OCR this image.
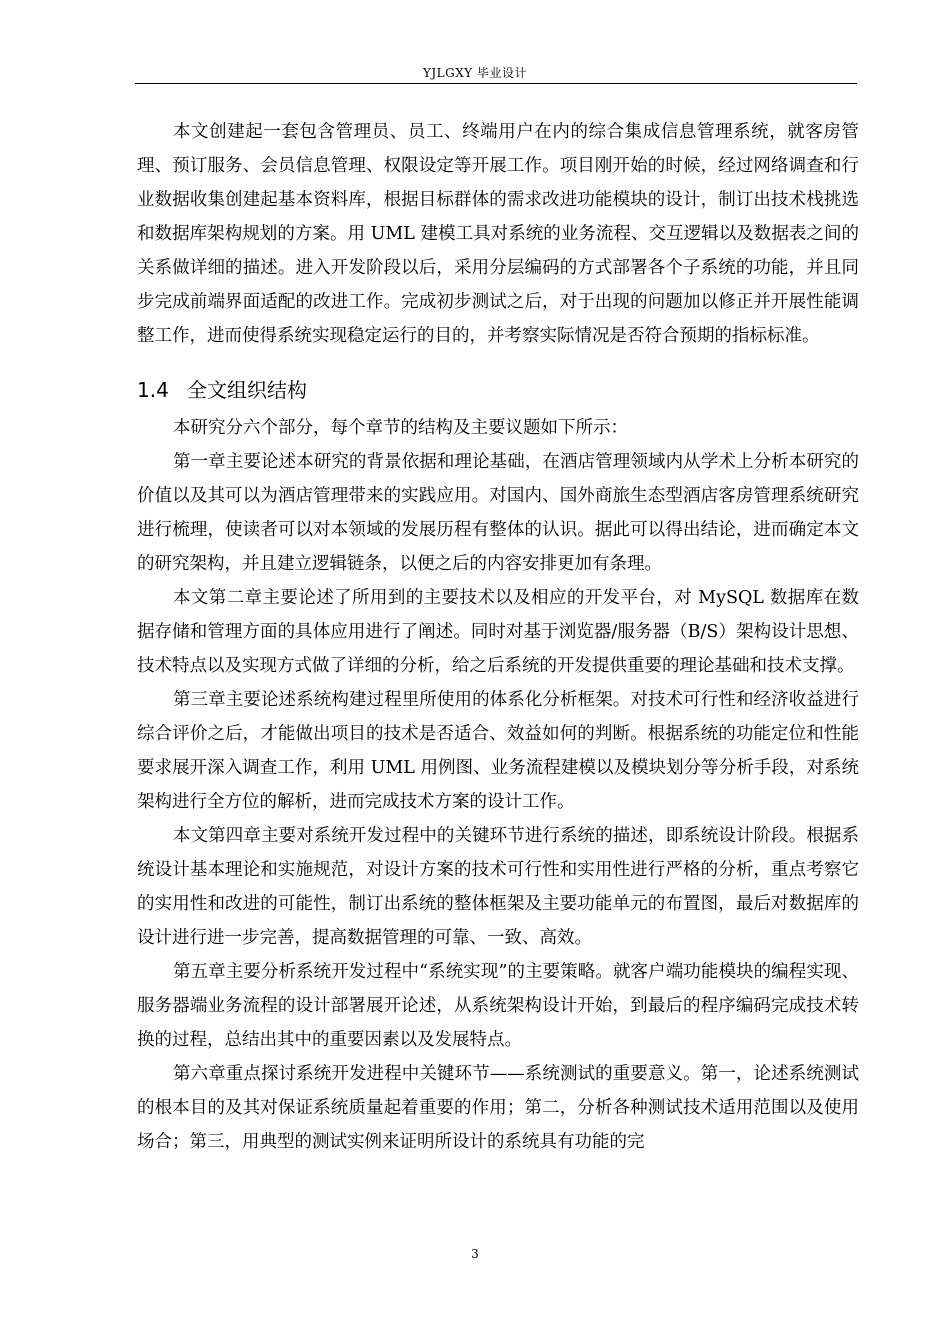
YJLGXY 毕业设计

本文创建起一套包含管理员、员工、终端用户在内的综合集成信息管理系统，就客房管理、预订服务、会员信息管理、权限设定等开展工作。项目刚开始的时候，经过网络调查和行业数据收集创建起基本资料库，根据目标群体的需求改进功能模块的设计，制订出技术栈挑选和数据库架构规划的方案。用 UML 建模工具对系统的业务流程、交互逻辑以及数据表之间的关系做详细的描述。进入开发阶段以后，采用分层编码的方式部署各个子系统的功能，并且同步完成前端界面适配的改进工作。完成初步测试之后，对于出现的问题加以修正并开展性能调整工作，进而使得系统实现稳定运行的目的，并考察实际情况是否符合预期的指标标准。

1.4 全文组织结构

本研究分六个部分，每个章节的结构及主要议题如下所示：

第一章主要论述本研究的背景依据和理论基础，在酒店管理领域内从学术上分析本研究的价值以及其可以为酒店管理带来的实践应用。对国内、国外商旅生态型酒店客房管理系统研究进行梳理，使读者可以对本领域的发展历程有整体的认识。据此可以得出结论，进而确定本文的研究架构，并且建立逻辑链条，以便之后的内容安排更加有条理。

本文第二章主要论述了所用到的主要技术以及相应的开发平台，对 MySQL 数据库在数据存储和管理方面的具体应用进行了阐述。同时对基于浏览器/服务器（B/S）架构设计思想、技术特点以及实现方式做了详细的分析，给之后系统的开发提供重要的理论基础和技术支撑。

第三章主要论述系统构建过程里所使用的体系化分析框架。对技术可行性和经济收益进行综合评价之后，才能做出项目的技术是否适合、效益如何的判断。根据系统的功能定位和性能要求展开深入调查工作，利用 UML 用例图、业务流程建模以及模块划分等分析手段，对系统架构进行全方位的解析，进而完成技术方案的设计工作。

本文第四章主要对系统开发过程中的关键环节进行系统的描述，即系统设计阶段。根据系统设计基本理论和实施规范，对设计方案的技术可行性和实用性进行严格的分析，重点考察它的实用性和改进的可能性，制订出系统的整体框架及主要功能单元的布置图，最后对数据库的设计进行进一步完善，提高数据管理的可靠、一致、高效。

第五章主要分析系统开发过程中“系统实现”的主要策略。就客户端功能模块的编程实现、服务器端业务流程的设计部署展开论述，从系统架构设计开始，到最后的程序编码完成技术转换的过程，总结出其中的重要因素以及发展特点。

第六章重点探讨系统开发进程中关键环节——系统测试的重要意义。第一，论述系统测试的根本目的及其对保证系统质量起着重要的作用；第二，分析各种测试技术适用范围以及使用场合；第三，用典型的测试实例来证明所设计的系统具有功能的完

3
